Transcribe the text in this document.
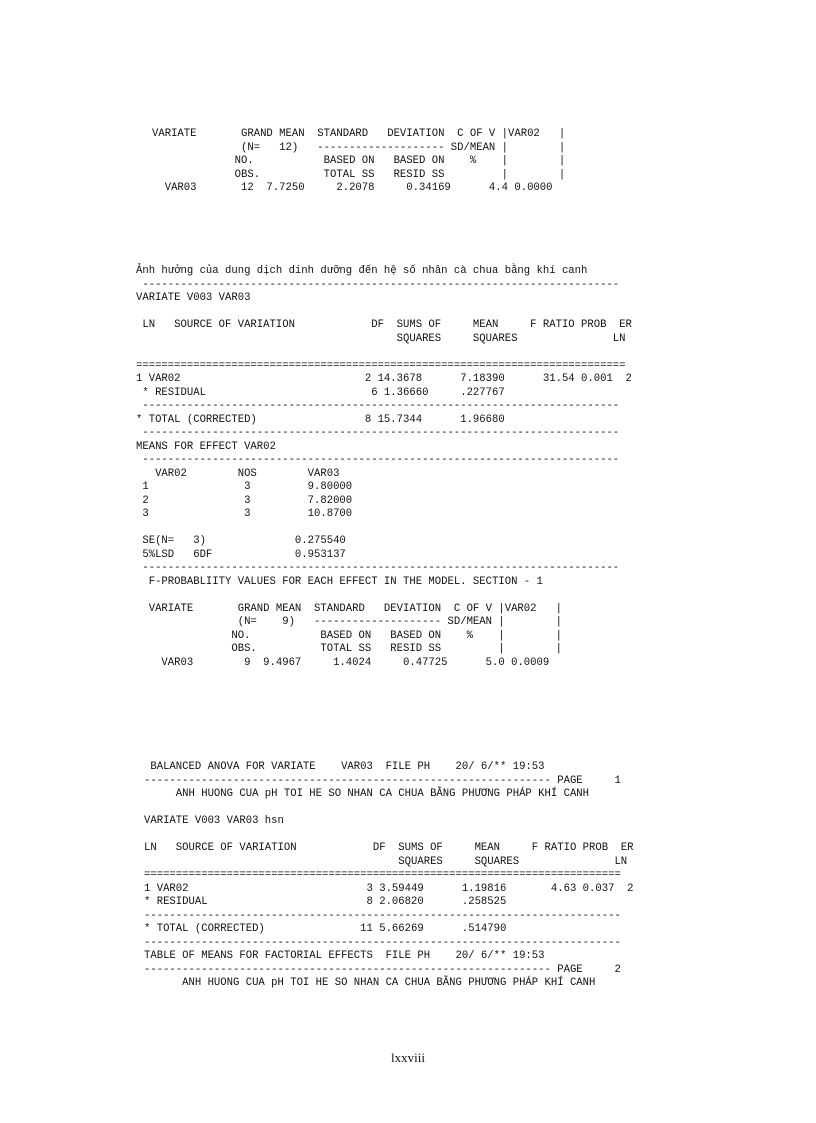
VARIATE       GRAND MEAN  STANDARD   DEVIATION  C OF V |VAR02   |
(N=   12)   -------------------- SD/MEAN |        |
NO.           BASED ON   BASED ON    %    |        |
OBS.          TOTAL SS   RESID SS         |        |
VAR03       12  7.7250     2.2078     0.34169      4.4 0.0000
Ảnh hưởng của dung dịch dinh dưỡng đến hệ số nhân cà chua bằng khí canh
---------------------------------------------------------------------------
VARIATE V003 VAR03
LN   SOURCE OF VARIATION            DF  SUMS OF     MEAN     F RATIO PROB  ER
SQUARES     SQUARES               LN
=============================================================================
1 VAR02                             2 14.3678      7.18390      31.54 0.001  2
* RESIDUAL                          6 1.36660     .227767
---------------------------------------------------------------------------
* TOTAL (CORRECTED)                 8 15.7344      1.96680
---------------------------------------------------------------------------
MEANS FOR EFFECT VAR02
---------------------------------------------------------------------------
VAR02        NOS        VAR03
1               3         9.80000
2               3         7.82000
3               3         10.8700
SE(N=   3)              0.275540
5%LSD   6DF             0.953137
---------------------------------------------------------------------------
F-PROBABLIITY VALUES FOR EACH EFFECT IN THE MODEL. SECTION - 1
VARIATE       GRAND MEAN  STANDARD   DEVIATION  C OF V |VAR02   |
(N=    9)   -------------------- SD/MEAN |        |
NO.           BASED ON   BASED ON    %    |        |
OBS.          TOTAL SS   RESID SS         |        |
VAR03        9  9.4967     1.4024     0.47725      5.0 0.0009
BALANCED ANOVA FOR VARIATE    VAR03  FILE PH    20/ 6/** 19:53
---------------------------------------------------------------- PAGE     1
ANH HUONG CUA pH TOI HE SO NHAN CA CHUA BẰNG PHƯƠNG PHÁP KHÍ CANH
VARIATE V003 VAR03 hsn
LN   SOURCE OF VARIATION            DF  SUMS OF     MEAN     F RATIO PROB  ER
SQUARES     SQUARES               LN
===========================================================================
1 VAR02                            3 3.59449      1.19816       4.63 0.037  2
* RESIDUAL                         8 2.06820      .258525
---------------------------------------------------------------------------
* TOTAL (CORRECTED)               11 5.66269      .514790
---------------------------------------------------------------------------
TABLE OF MEANS FOR FACTORIAL EFFECTS  FILE PH    20/ 6/** 19:53
---------------------------------------------------------------- PAGE     2
ANH HUONG CUA pH TOI HE SO NHAN CA CHUA BẰNG PHƯƠNG PHÁP KHÍ CANH
lxxviii
